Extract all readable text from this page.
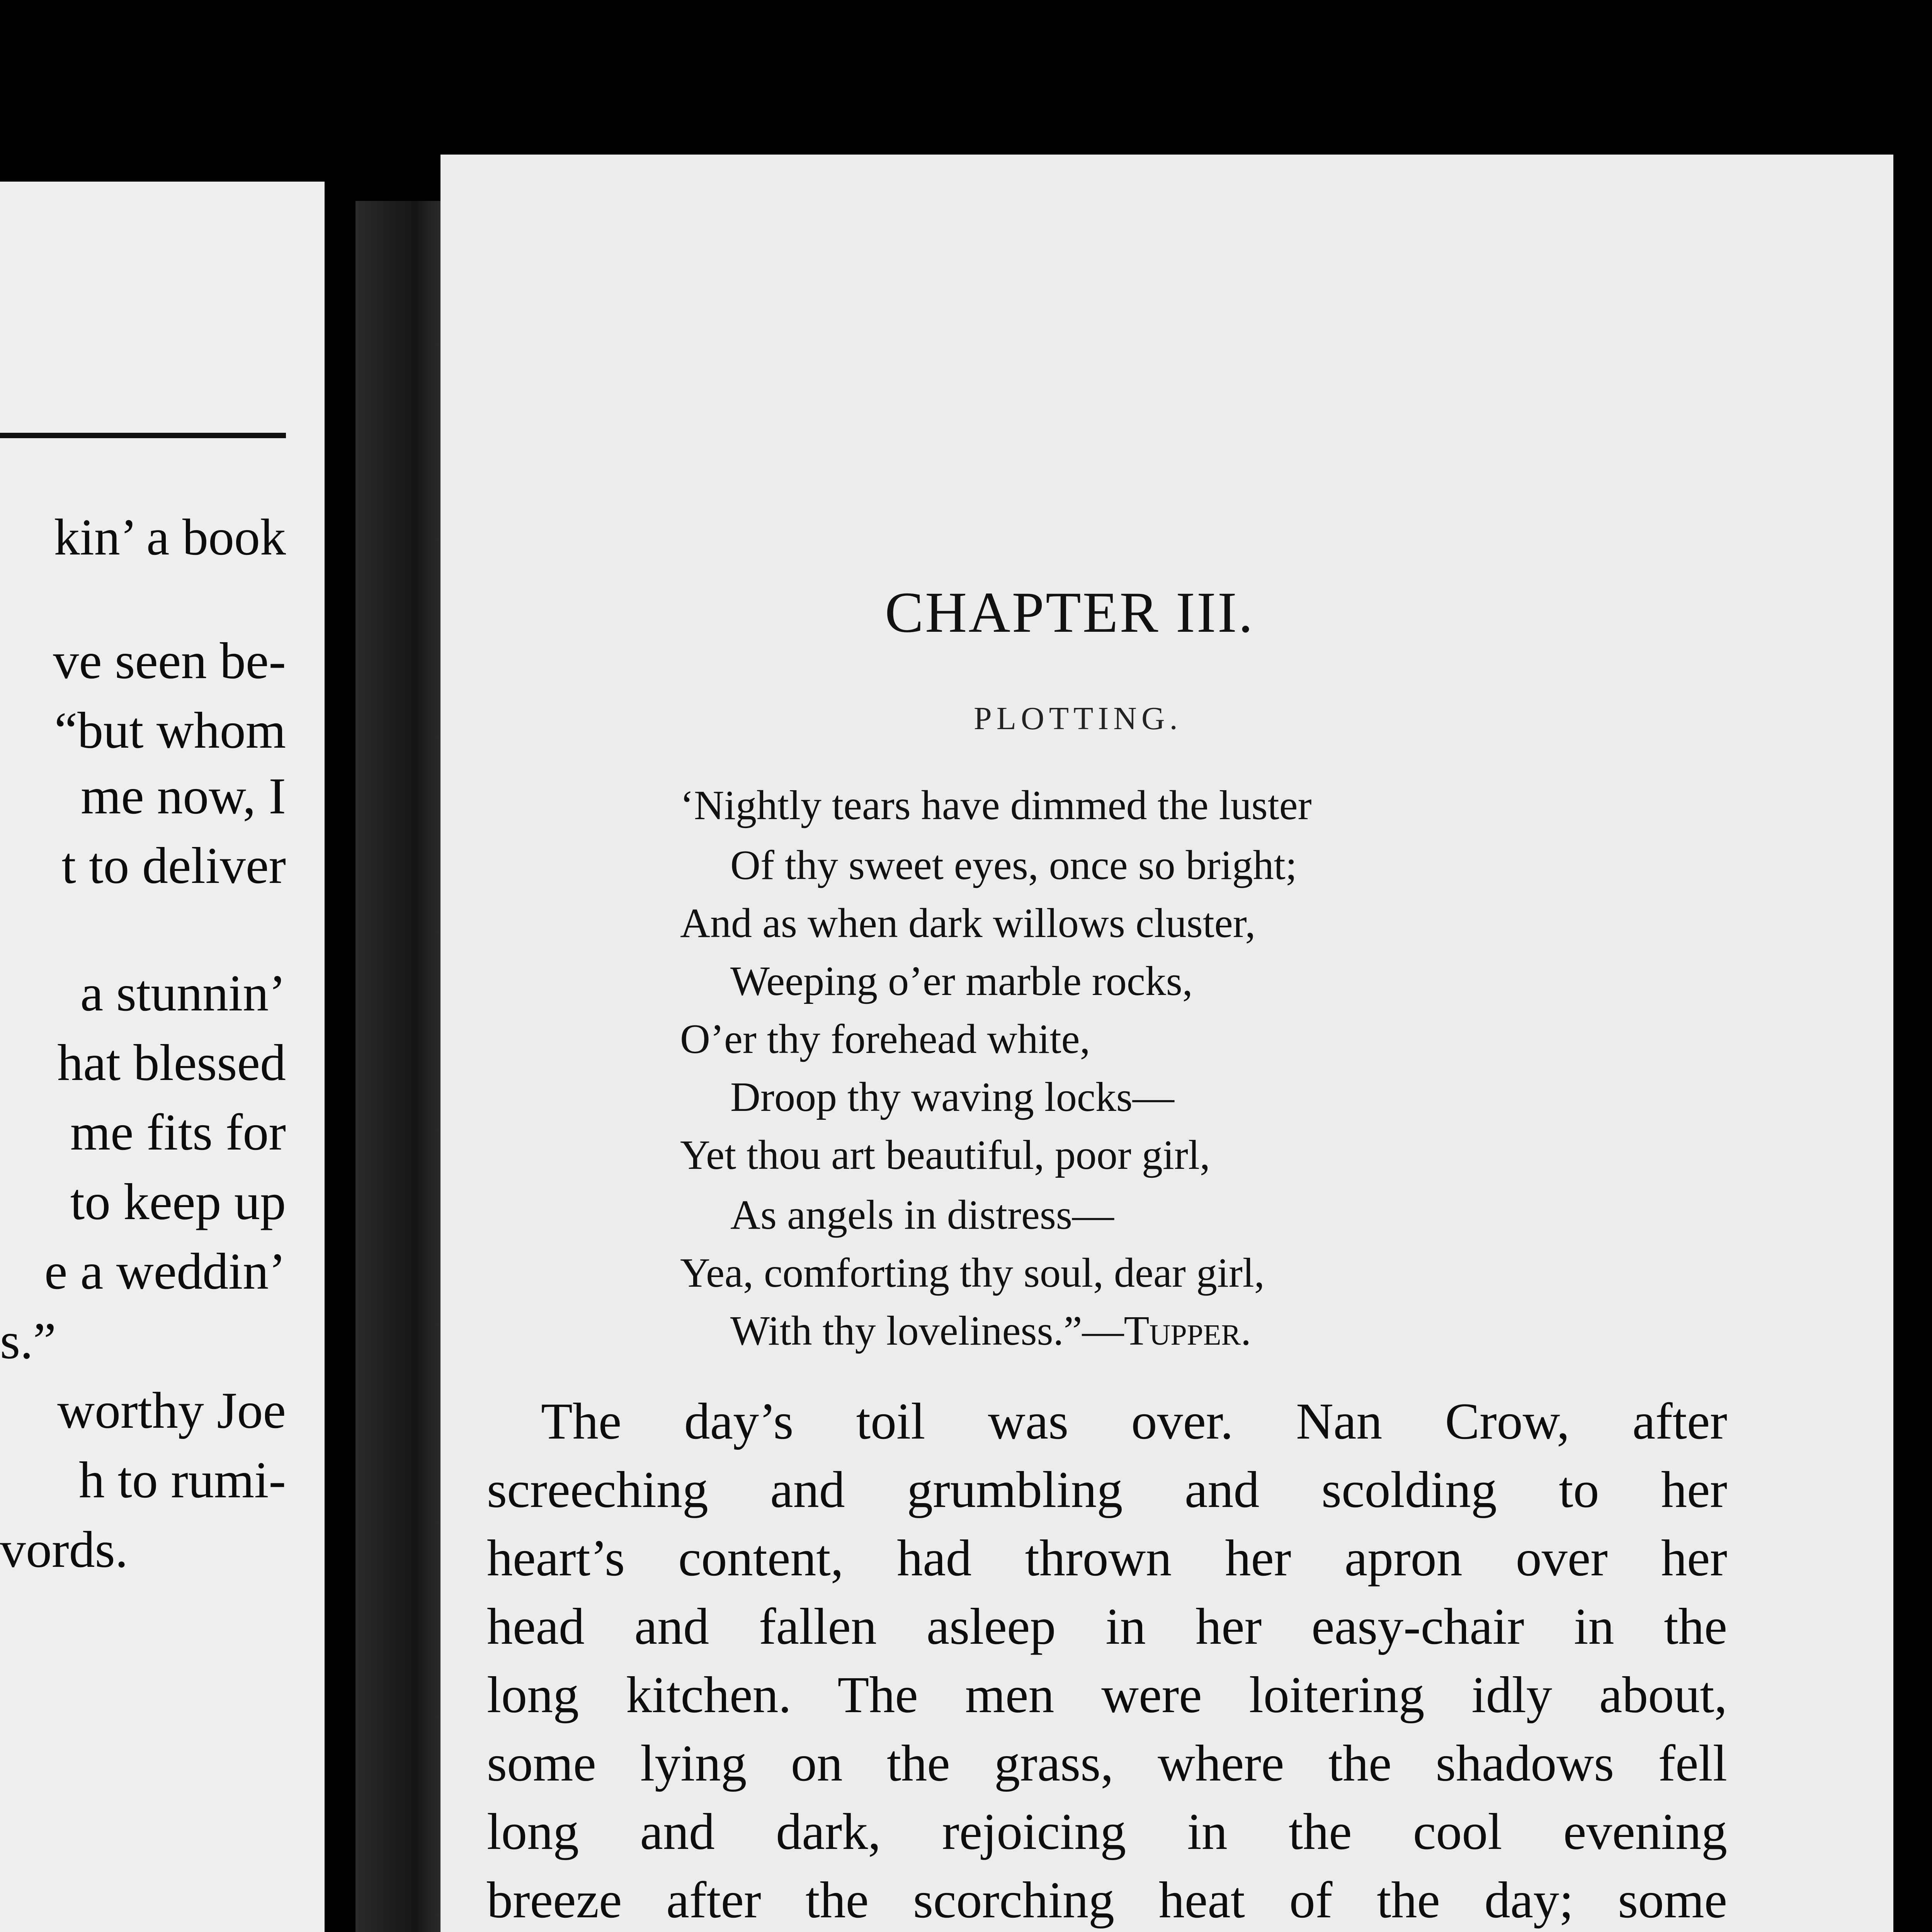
kin’ a book
ve seen be-
“but whom
me now, I
t to deliver
a stunnin’
hat blessed
me fits for
to keep up
e a weddin’
s.”
worthy Joe
h to rumi-
vords.
CHAPTER III.
PLOTTING.
‘Nightly tears have dimmed the luster
Of thy sweet eyes, once so bright;
And as when dark willows cluster,
Weeping o’er marble rocks,
O’er thy forehead white,
Droop thy waving locks—
Yet thou art beautiful, poor girl,
As angels in distress—
Yea, comforting thy soul, dear girl,
With thy loveliness.”—Tupper.
The day’s toil was over. Nan Crow, after
screeching and grumbling and scolding to her
heart’s content, had thrown her apron over her
head and fallen asleep in her easy-chair in the
long kitchen. The men were loitering idly about,
some lying on the grass, where the shadows fell
long and dark, rejoicing in the cool evening
breeze after the scorching heat of the day; some
